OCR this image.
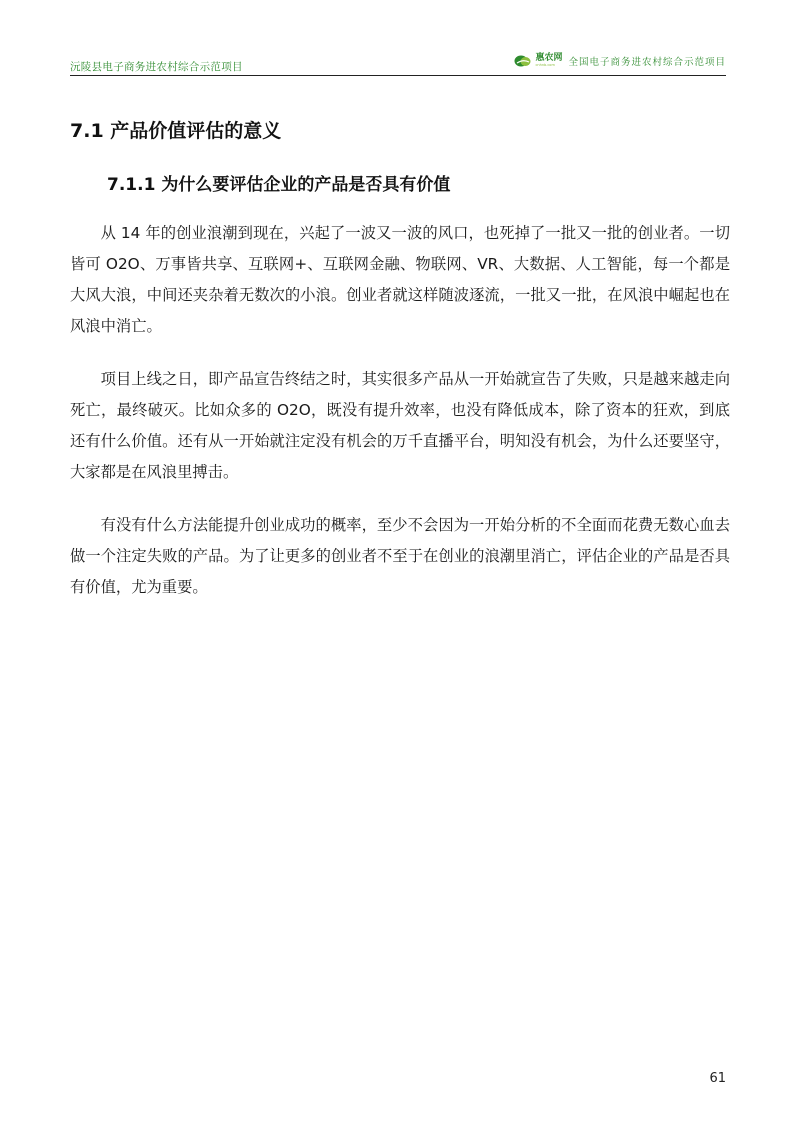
沅陵县电子商务进农村综合示范项目
惠农网
cnhnb.com	全国电子商务进农村综合示范项目
7.1 产品价值评估的意义
7.1.1 为什么要评估企业的产品是否具有价值

从 14 年的创业浪潮到现在，兴起了一波又一波的风口，也死掉了一批又一批的创业者。一切皆可 O2O、万事皆共享、互联网+、互联网金融、物联网、VR、大数据、人工智能，每一个都是大风大浪，中间还夹杂着无数次的小浪。创业者就这样随波逐流，一批又一批，在风浪中崛起也在风浪中消亡。

项目上线之日，即产品宣告终结之时，其实很多产品从一开始就宣告了失败，只是越来越走向死亡，最终破灭。比如众多的 O2O，既没有提升效率，也没有降低成本，除了资本的狂欢，到底还有什么价值。还有从一开始就注定没有机会的万千直播平台，明知没有机会，为什么还要坚守，大家都是在风浪里搏击。

有没有什么方法能提升创业成功的概率，至少不会因为一开始分析的不全面而花费无数心血去做一个注定失败的产品。为了让更多的创业者不至于在创业的浪潮里消亡，评估企业的产品是否具有价值，尤为重要。

61
